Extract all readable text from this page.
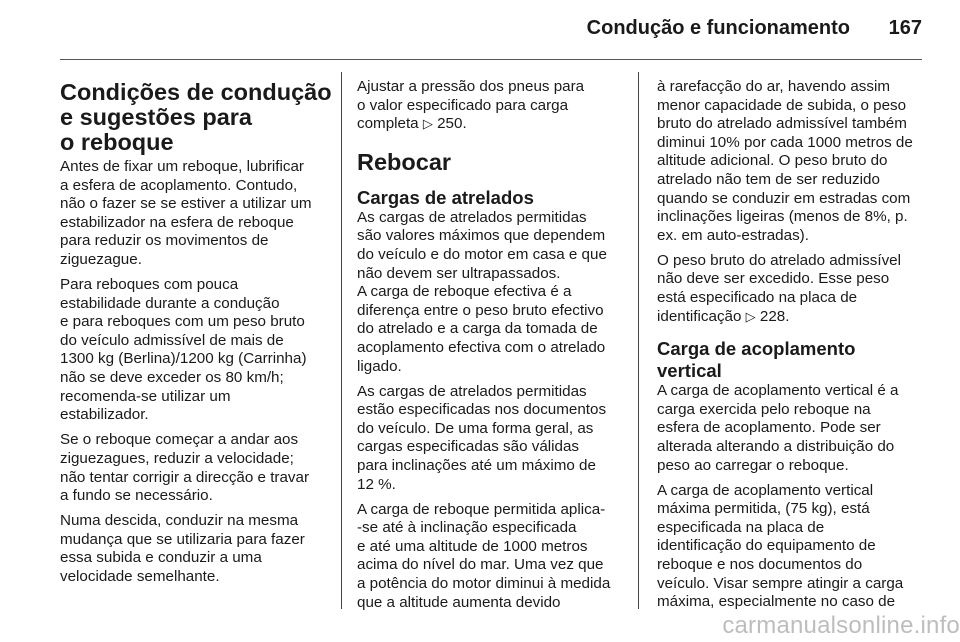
Condução e funcionamento 167
Condições de condução
e sugestões para
o reboque

Antes de fixar um reboque, lubrificar
a esfera de acoplamento. Contudo,
não o fazer se se estiver a utilizar um
estabilizador na esfera de reboque
para reduzir os movimentos de
ziguezague.

Para reboques com pouca
estabilidade durante a condução
e para reboques com um peso bruto
do veículo admissível de mais de
1300 kg (Berlina)/1200 kg (Carrinha)
não se deve exceder os 80 km/h;
recomenda-se utilizar um
estabilizador.

Se o reboque começar a andar aos
ziguezagues, reduzir a velocidade;
não tentar corrigir a direcção e travar
a fundo se necessário.

Numa descida, conduzir na mesma
mudança que se utilizaria para fazer
essa subida e conduzir a uma
velocidade semelhante.

Ajustar a pressão dos pneus para
o valor especificado para carga
completa ▷ 250.

Rebocar
Cargas de atrelados

As cargas de atrelados permitidas
são valores máximos que dependem
do veículo e do motor em casa e que
não devem ser ultrapassados.
A carga de reboque efectiva é a
diferença entre o peso bruto efectivo
do atrelado e a carga da tomada de
acoplamento efectiva com o atrelado
ligado.

As cargas de atrelados permitidas
estão especificadas nos documentos
do veículo. De uma forma geral, as
cargas especificadas são válidas
para inclinações até um máximo de
12 %.

A carga de reboque permitida aplica-
-se até à inclinação especificada
e até uma altitude de 1000 metros
acima do nível do mar. Uma vez que
a potência do motor diminui à medida
que a altitude aumenta devido

à rarefacção do ar, havendo assim
menor capacidade de subida, o peso
bruto do atrelado admissível também
diminui 10% por cada 1000 metros de
altitude adicional. O peso bruto do
atrelado não tem de ser reduzido
quando se conduzir em estradas com
inclinações ligeiras (menos de 8%, p.
ex. em auto-estradas).

O peso bruto do atrelado admissível
não deve ser excedido. Esse peso
está especificado na placa de
identificação ▷ 228.

Carga de acoplamento vertical

A carga de acoplamento vertical é a
carga exercida pelo reboque na
esfera de acoplamento. Pode ser
alterada alterando a distribuição do
peso ao carregar o reboque.

A carga de acoplamento vertical
máxima permitida, (75 kg), está
especificada na placa de
identificação do equipamento de
reboque e nos documentos do
veículo. Visar sempre atingir a carga
máxima, especialmente no caso de

carmanualsonline.info
